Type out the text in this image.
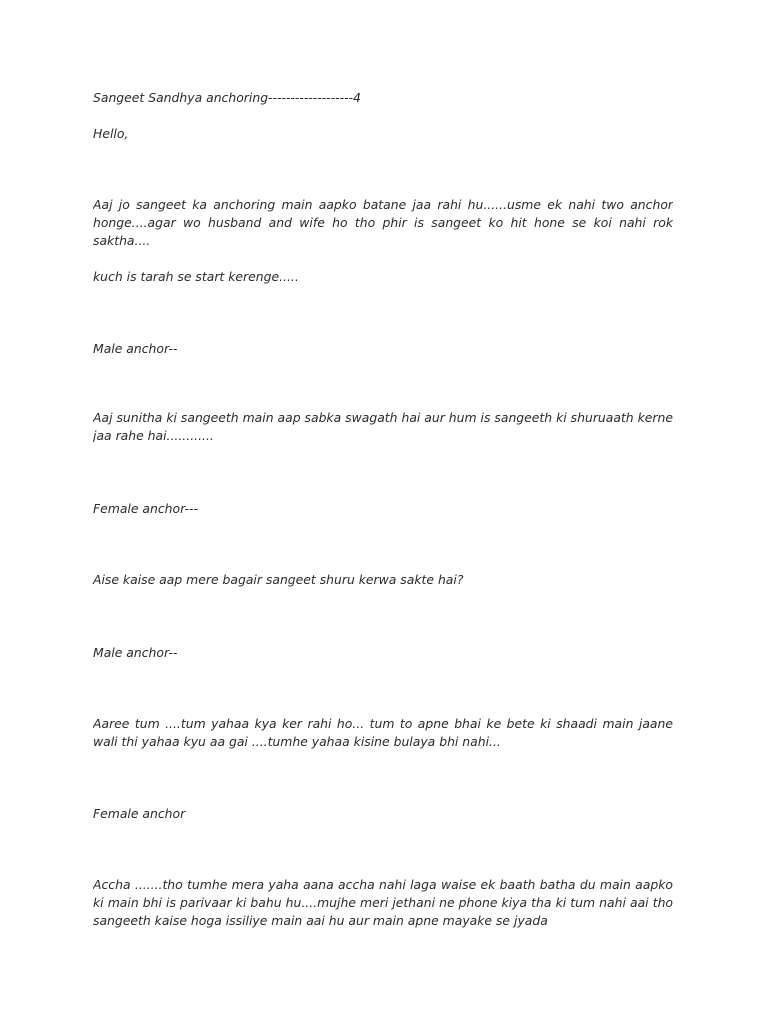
Sangeet Sandhya anchoring-------------------4

Hello,

Aaj jo sangeet ka anchoring main aapko batane jaa rahi hu......usme ek nahi two anchor honge....agar wo husband and wife ho tho phir is sangeet ko hit hone se koi nahi rok saktha....

kuch is tarah se start kerenge.....

Male anchor--

Aaj sunitha ki sangeeth main aap sabka swagath hai aur hum is sangeeth ki shuruaath kerne jaa rahe hai............

Female anchor---

Aise kaise aap mere bagair sangeet shuru kerwa sakte hai?

Male anchor--

Aaree tum ....tum yahaa kya ker rahi ho... tum to apne bhai ke bete ki shaadi main jaane wali thi yahaa kyu aa gai ....tumhe yahaa kisine bulaya bhi nahi...

Female anchor

Accha .......tho tumhe mera yaha aana accha nahi laga waise ek baath batha du main aapko ki main bhi is parivaar ki bahu hu....mujhe meri jethani ne phone kiya tha ki tum nahi aai tho sangeeth kaise hoga issiliye main aai hu aur main apne mayake se jyada
